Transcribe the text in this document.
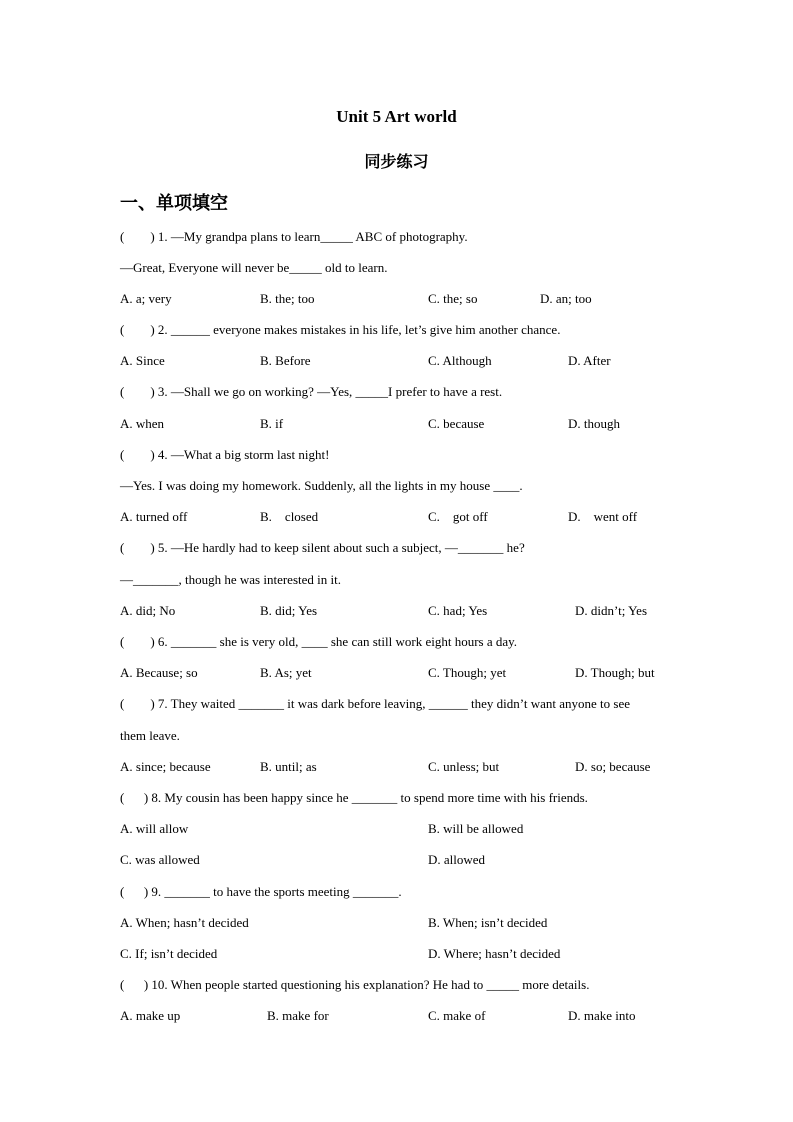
Unit 5 Art world
同步练习
一、单项填空
(        ) 1. —My grandpa plans to learn_____ ABC of photography.
—Great, Everyone will never be_____ old to learn.
A. a; very	B. the; too	C. the; so	D. an; too
(        ) 2. ______ everyone makes mistakes in his life, let’s give him another chance.
A. Since	B. Before	C. Although	D. After
(        ) 3. —Shall we go on working? —Yes, _____I prefer to have a rest.
A. when	B. if	C. because	D. though
(        ) 4. —What a big storm last night!
—Yes. I was doing my homework. Suddenly, all the lights in my house ____.
A. turned off	B.    closed	C.    got off	D.    went off
(        ) 5. —He hardly had to keep silent about such a subject, —_______ he?
—_______, though he was interested in it.
A. did; No	B. did; Yes	C. had; Yes	D. didn’t; Yes
(        ) 6. _______ she is very old, ____ she can still work eight hours a day.
A. Because; so	B. As; yet	C. Though; yet	D. Though; but
(        ) 7. They waited _______ it was dark before leaving, ______ they didn’t want anyone to see
them leave.
A. since; because	B. until; as	C. unless; but	D. so; because
(      ) 8. My cousin has been happy since he _______ to spend more time with his friends.
A. will allow	B. will be allowed
C. was allowed	D. allowed
(      ) 9. _______ to have the sports meeting _______.
A. When; hasn’t decided	B. When; isn’t decided
C. If; isn’t decided	D. Where; hasn’t decided
(      ) 10. When people started questioning his explanation? He had to _____ more details.
A. make up	B. make for	C. make of	D. make into
